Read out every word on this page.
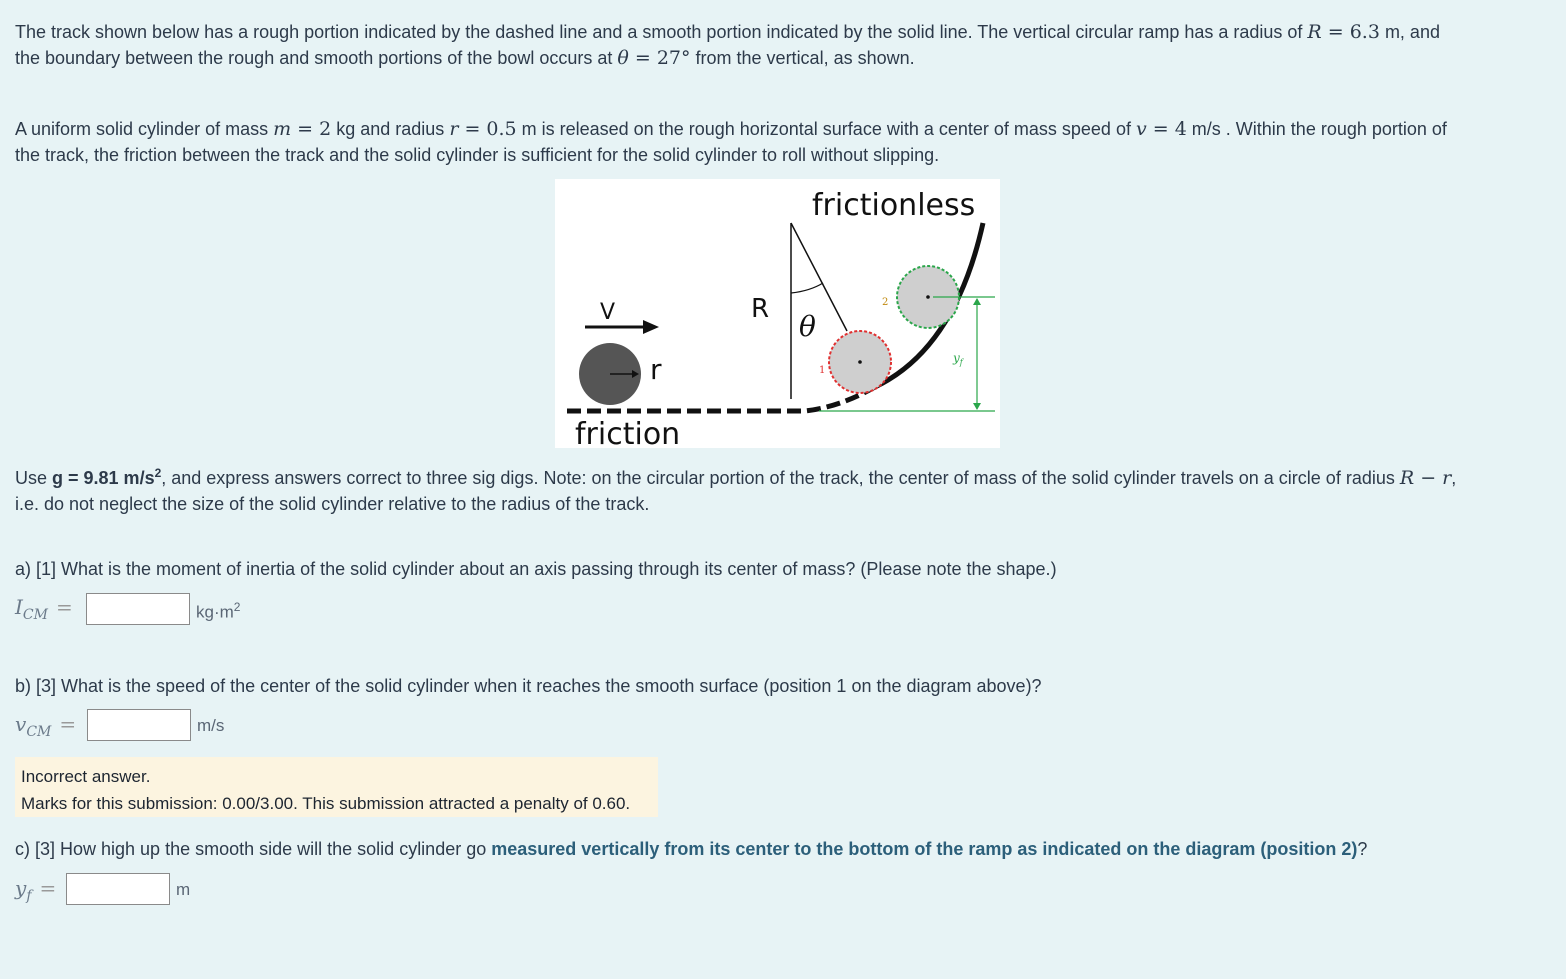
The track shown below has a rough portion indicated by the dashed line and a smooth portion indicated by the solid line. The vertical circular ramp has a radius of R = 6.3 m, and
the boundary between the rough and smooth portions of the bowl occurs at θ = 27° from the vertical, as shown.

A uniform solid cylinder of mass m = 2 kg and radius r = 0.5 m is released on the rough horizontal surface with a center of mass speed of v = 4 m/s . Within the rough portion of
the track, the friction between the track and the solid cylinder is sufficient for the solid cylinder to roll without slipping.

frictionless
friction
R
θ
V
r	1
2
$y_f$

Use g = 9.81 $m/s^2$, and express answers correct to three sig digs. Note: on the circular portion of the track, the center of mass of the solid cylinder travels on a circle of radius R − r,
i.e. do not neglect the size of the solid cylinder relative to the radius of the track.

a) [1] What is the moment of inertia of the solid cylinder about an axis passing through its center of mass? (Please note the shape.)

$I_{CM}$ =	$kg\cdot m^2$

b) [3] What is the speed of the center of the solid cylinder when it reaches the smooth surface (position 1 on the diagram above)?

$v_{CM}$ =	m/s
Incorrect answer.
Marks for this submission: 0.00/3.00. This submission attracted a penalty of 0.60.

c) [3] How high up the smooth side will the solid cylinder go measured vertically from its center to the bottom of the ramp as indicated on the diagram (position 2)?

$y_f$ =	m
